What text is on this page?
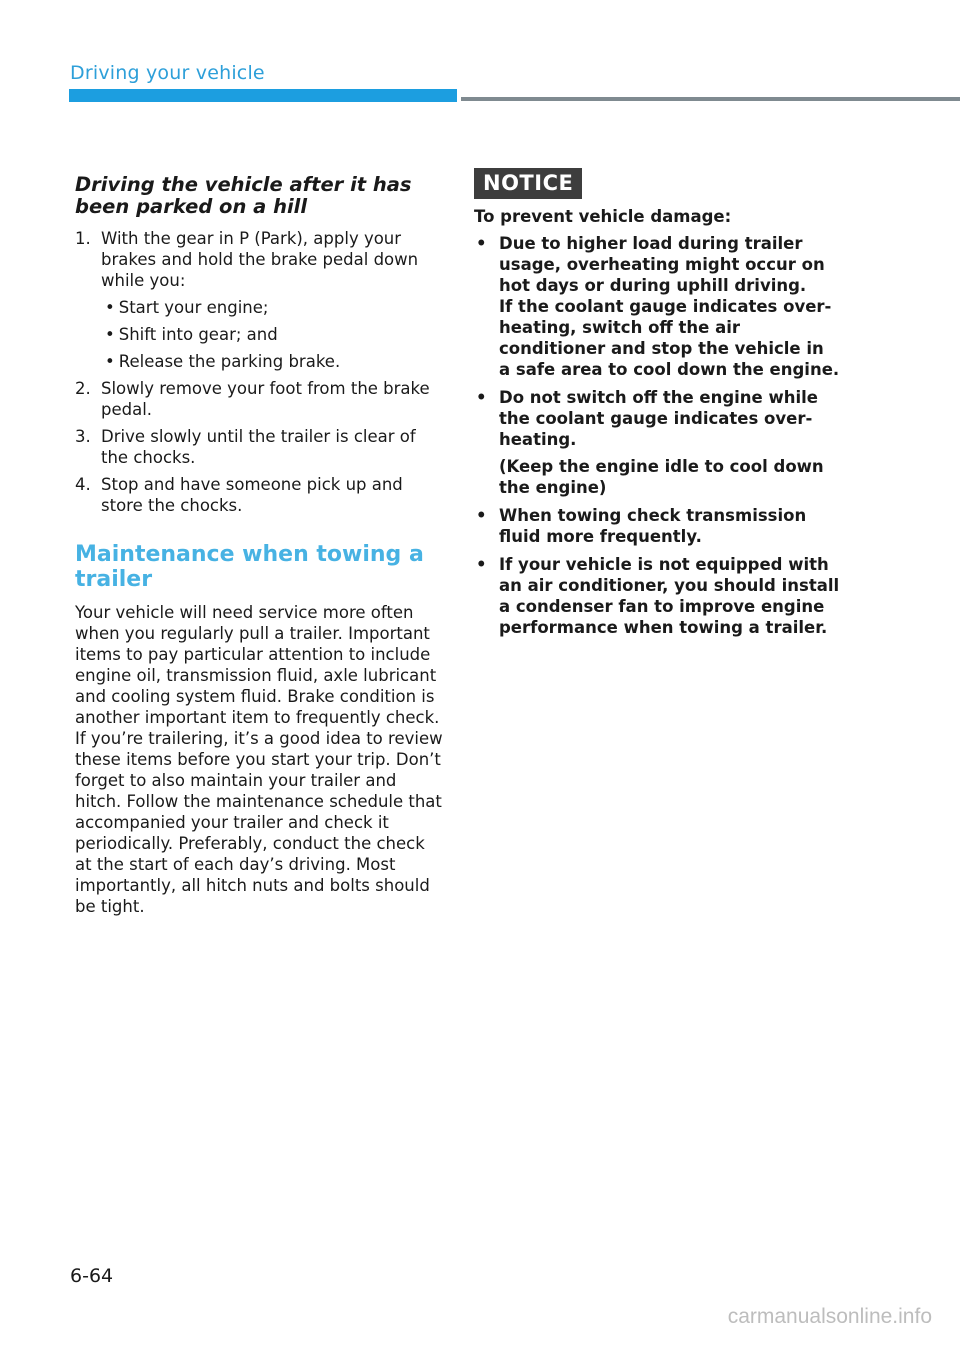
Driving your vehicle
Driving the vehicle after it has been parked on a hill
1. With the gear in P (Park), apply your brakes and hold the brake pedal down while you:
• Start your engine;
• Shift into gear; and
• Release the parking brake.
2. Slowly remove your foot from the brake pedal.
3. Drive slowly until the trailer is clear of the chocks.
4. Stop and have someone pick up and store the chocks.
Maintenance when towing a trailer

Your vehicle will need service more often when you regularly pull a trailer. Important items to pay particular attention to include engine oil, transmission fluid, axle lubricant and cooling system fluid. Brake condition is another important item to frequently check. If you’re trailering, it’s a good idea to review these items before you start your trip. Don’t forget to also maintain your trailer and hitch. Follow the maintenance schedule that accompanied your trailer and check it periodically. Preferably, conduct the check at the start of each day’s driving. Most importantly, all hitch nuts and bolts should be tight.

NOTICE
To prevent vehicle damage:
• Due to higher load during trailer usage, overheating might occur on hot days or during uphill driving.
If the coolant gauge indicates over-heating, switch off the air conditioner and stop the vehicle in a safe area to cool down the engine.
• Do not switch off the engine while the coolant gauge indicates over-heating.
(Keep the engine idle to cool down the engine)
• When towing check transmission fluid more frequently.
• If your vehicle is not equipped with an air conditioner, you should install a condenser fan to improve engine performance when towing a trailer.
6-64
carmanualsonline.info
